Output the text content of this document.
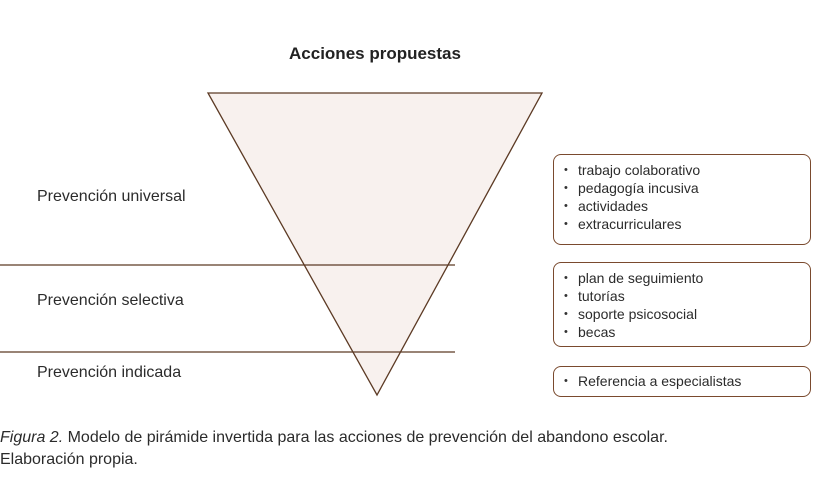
Acciones propuestas
Prevención universal
Prevención selectiva
Prevención indicada
• trabajo colaborativo
• pedagogía incusiva
• actividades
• extracurriculares
• plan de seguimiento
• tutorías
• soporte psicosocial
• becas
• Referencia a especialistas
Figura 2. Modelo de pirámide invertida para las acciones de prevención del abandono escolar.
Elaboración propia.
